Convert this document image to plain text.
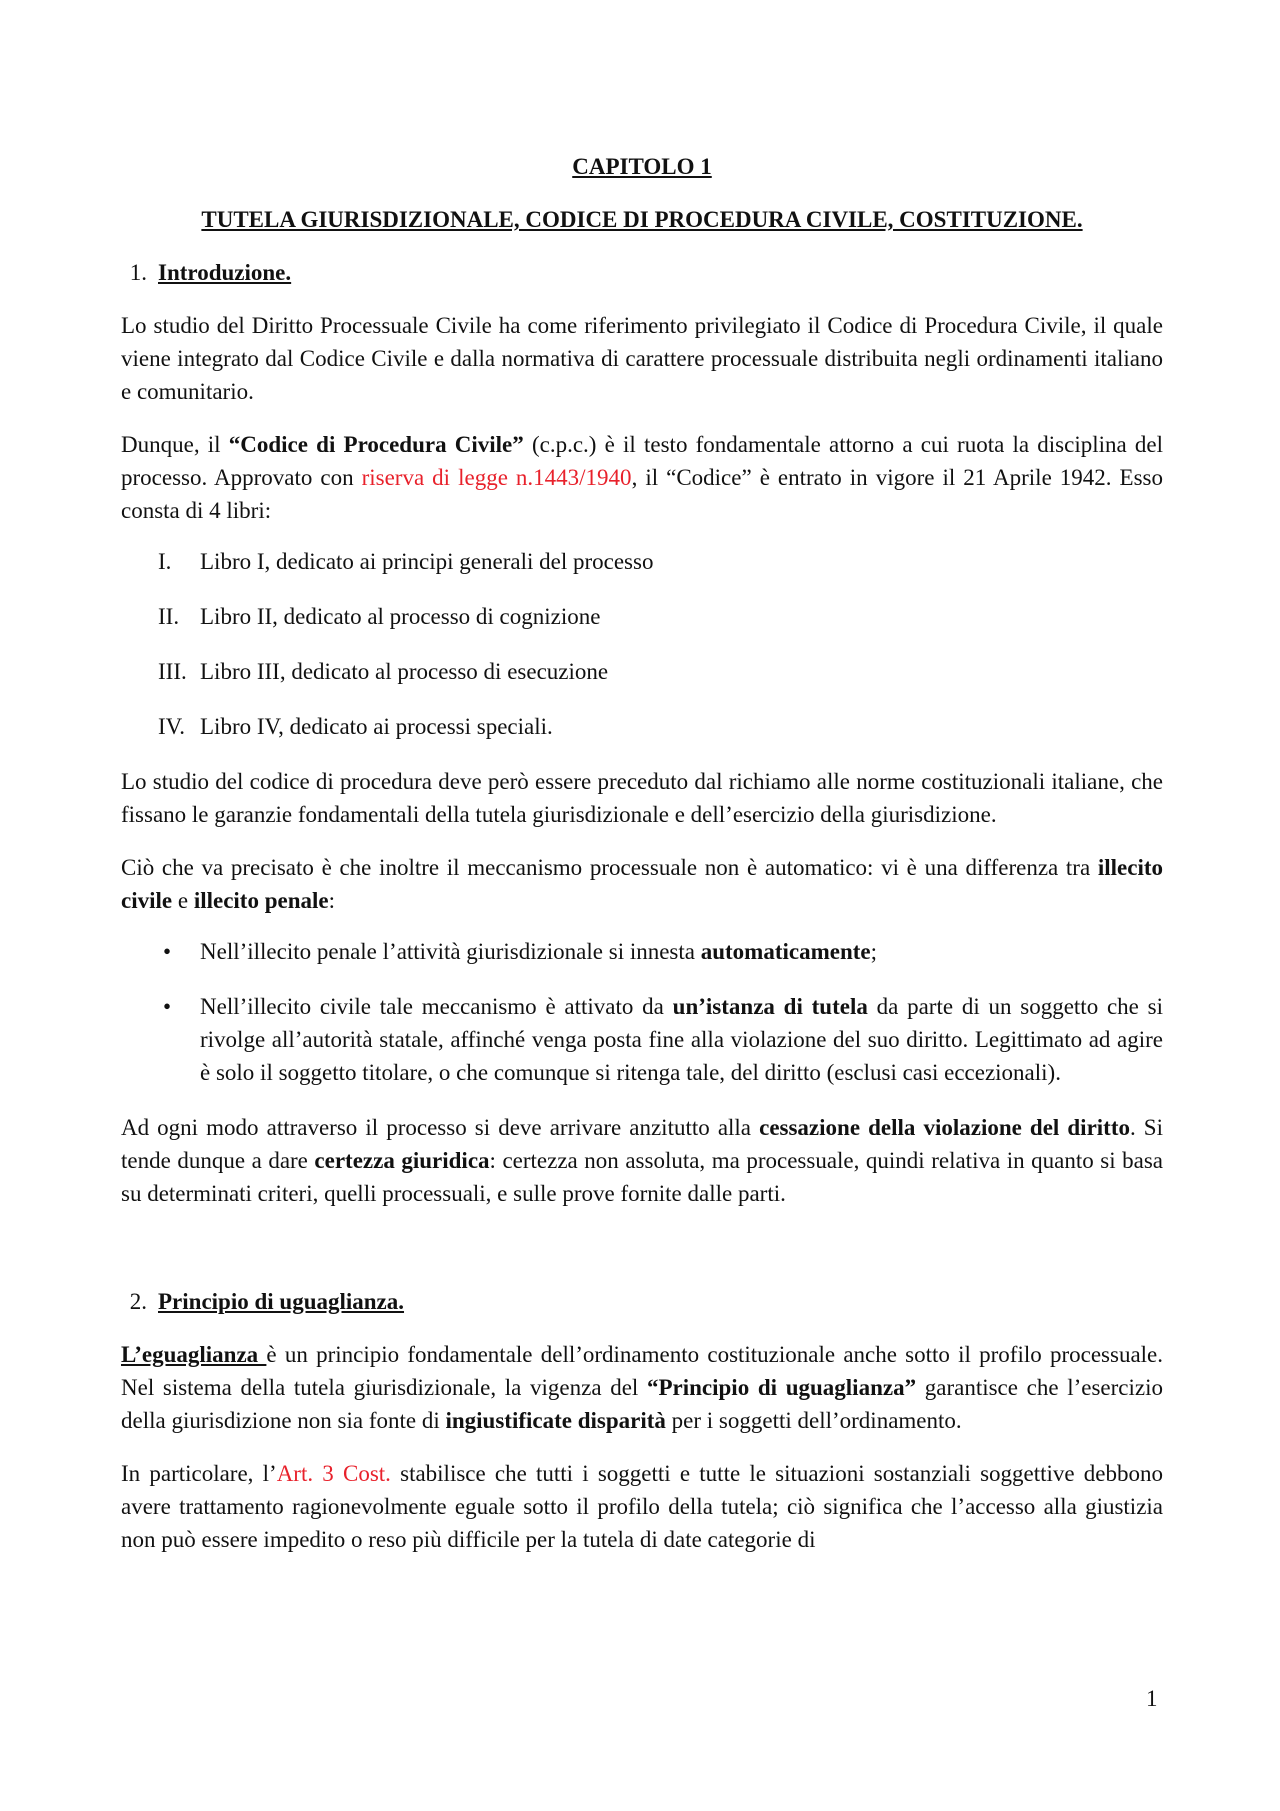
CAPITOLO 1
TUTELA GIURISDIZIONALE, CODICE DI PROCEDURA CIVILE, COSTITUZIONE.
1. Introduzione.

Lo studio del Diritto Processuale Civile ha come riferimento privilegiato il Codice di Procedura Civile, il quale viene integrato dal Codice Civile e dalla normativa di carattere processuale distribuita negli ordinamenti italiano e comunitario.

Dunque, il “Codice di Procedura Civile” (c.p.c.) è il testo fondamentale attorno a cui ruota la disciplina del processo. Approvato con riserva di legge n.1443/1940, il “Codice” è entrato in vigore il 21 Aprile 1942. Esso consta di 4 libri:

I.	Libro I, dedicato ai principi generali del processo
II. Libro II, dedicato al processo di cognizione
III. Libro III, dedicato al processo di esecuzione
IV. Libro IV, dedicato ai processi speciali.

Lo studio del codice di procedura deve però essere preceduto dal richiamo alle norme costituzionali italiane, che fissano le garanzie fondamentali della tutela giurisdizionale e dell’esercizio della giurisdizione.

Ciò che va precisato è che inoltre il meccanismo processuale non è automatico: vi è una differenza tra illecito civile e illecito penale:

•	Nell’illecito penale l’attività giurisdizionale si innesta automaticamente;
•	Nell’illecito civile tale meccanismo è attivato da un’istanza di tutela da parte di un soggetto che si rivolge all’autorità statale, affinché venga posta fine alla violazione del suo diritto. Legittimato ad agire è solo il soggetto titolare, o che comunque si ritenga tale, del diritto (esclusi casi eccezionali).

Ad ogni modo attraverso il processo si deve arrivare anzitutto alla cessazione della violazione del diritto. Si tende dunque a dare certezza giuridica: certezza non assoluta, ma processuale, quindi relativa in quanto si basa su determinati criteri, quelli processuali, e sulle prove fornite dalle parti.

2. Principio di uguaglianza.

L’eguaglianza è un principio fondamentale dell’ordinamento costituzionale anche sotto il profilo processuale. Nel sistema della tutela giurisdizionale, la vigenza del “Principio di uguaglianza” garantisce che l’esercizio della giurisdizione non sia fonte di ingiustificate disparità per i soggetti dell’ordinamento.

In particolare, l’Art. 3 Cost. stabilisce che tutti i soggetti e tutte le situazioni sostanziali soggettive debbono avere trattamento ragionevolmente eguale sotto il profilo della tutela; ciò significa che l’accesso alla giustizia non può essere impedito o reso più difficile per la tutela di date categorie di

1
